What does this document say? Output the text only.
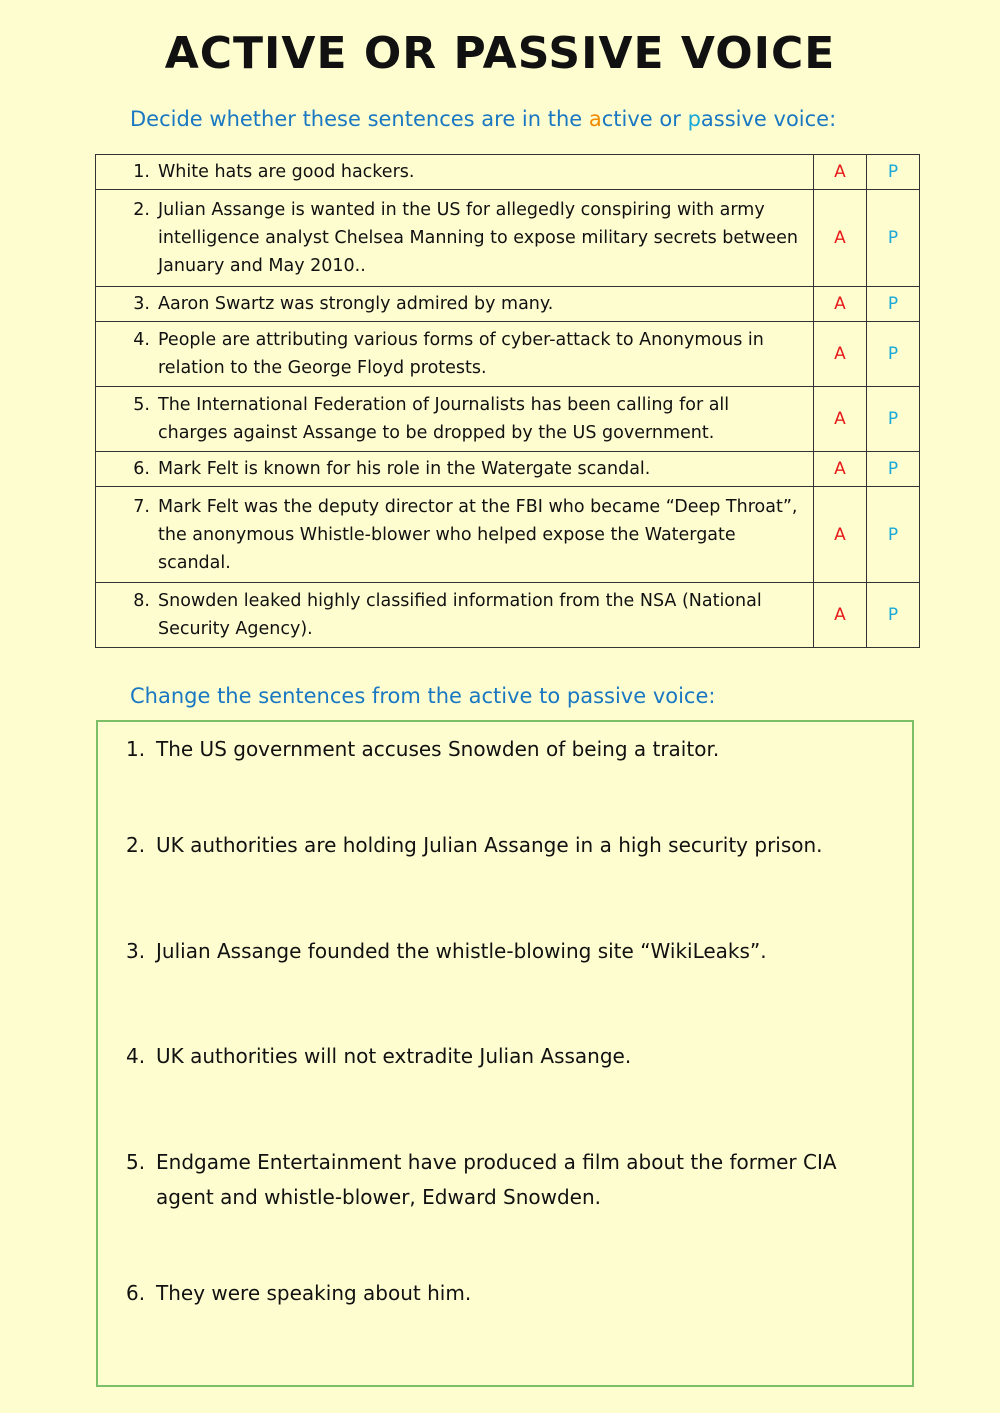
ACTIVE OR PASSIVE VOICE
Decide whether these sentences are in the active or passive voice:
1. White hats are good hackers.	A	P

2. Julian Assange is wanted in the US for allegedly conspiring with army intelligence analyst Chelsea Manning to expose military secrets between January and May 2010..	A	P

3. Aaron Swartz was strongly admired by many.	A	P

4. People are attributing various forms of cyber-attack to Anonymous in relation to the George Floyd protests.	A	P

5. The International Federation of Journalists has been calling for all charges against Assange to be dropped by the US government.	A	P

6. Mark Felt is known for his role in the Watergate scandal.	A	P

7. Mark Felt was the deputy director at the FBI who became “Deep Throat”, the anonymous Whistle-blower who helped expose the Watergate scandal.	A	P

8. Snowden leaked highly classified information from the NSA (National Security Agency).	A	P
Change the sentences from the active to passive voice:
1. The US government accuses Snowden of being a traitor.
2. UK authorities are holding Julian Assange in a high security prison.
3. Julian Assange founded the whistle-blowing site “WikiLeaks”.
4. UK authorities will not extradite Julian Assange.
5. Endgame Entertainment have produced a film about the former CIA agent and whistle-blower, Edward Snowden.
6. They were speaking about him.
